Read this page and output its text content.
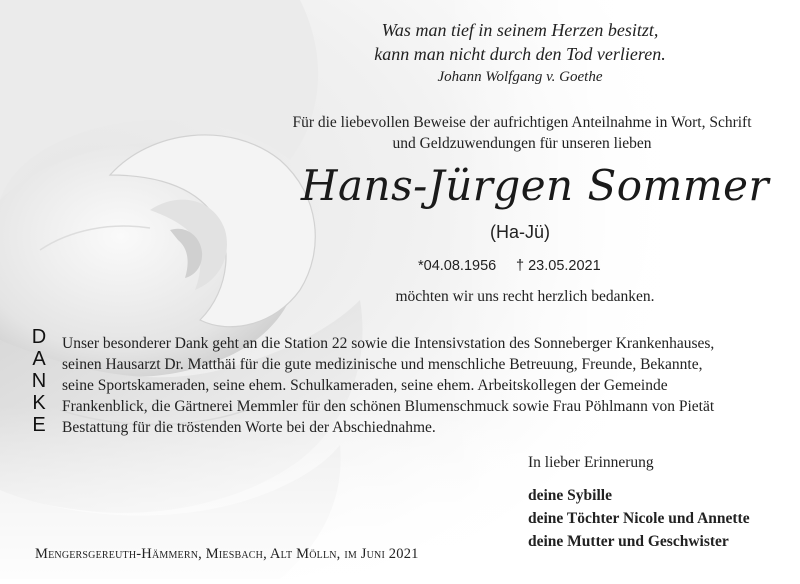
Was man tief in seinem Herzen besitzt,
kann man nicht durch den Tod verlieren.
Johann Wolfgang v. Goethe
Für die liebevollen Beweise der aufrichtigen Anteilnahme in Wort, Schrift
und Geldzuwendungen für unseren lieben
Hans-Jürgen Sommer
(Ha-Jü)
*04.08.1956 † 23.05.2021
möchten wir uns recht herzlich bedanken.
D
A
N
K
E
Unser besonderer Dank geht an die Station 22 sowie die Intensivstation des Sonneberger Krankenhauses,
seinen Hausarzt Dr. Matthäi für die gute medizinische und menschliche Betreuung, Freunde, Bekannte,
seine Sportskameraden, seine ehem. Schulkameraden, seine ehem. Arbeitskollegen der Gemeinde
Frankenblick, die Gärtnerei Memmler für den schönen Blumenschmuck sowie Frau Pöhlmann von Pietät
Bestattung für die tröstenden Worte bei der Abschiednahme.
In lieber Erinnerung
deine Sybille
deine Töchter Nicole und Annette
deine Mutter und Geschwister
Mengersgereuth-Hämmern, Miesbach, Alt Mölln, im Juni 2021
